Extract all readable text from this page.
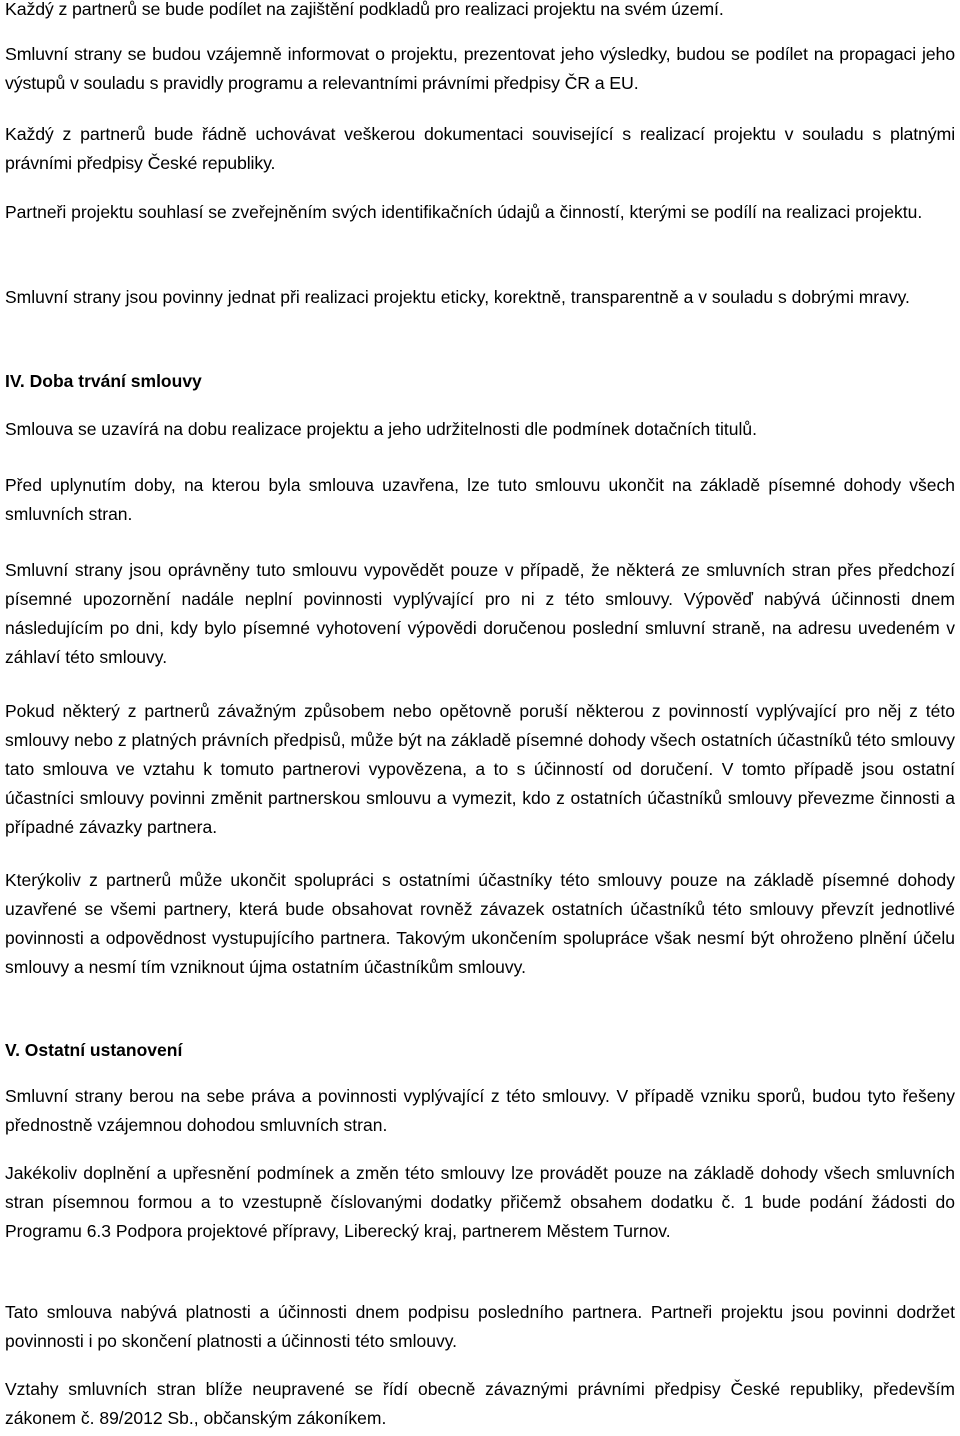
Každý z partnerů se bude podílet na zajištění podkladů pro realizaci projektu na svém území.

Smluvní strany se budou vzájemně informovat o projektu, prezentovat jeho výsledky, budou se podílet na propagaci jeho výstupů v souladu s pravidly programu a relevantními právními předpisy ČR a EU.

Každý z partnerů bude řádně uchovávat veškerou dokumentaci související s realizací projektu v souladu s platnými právními předpisy České republiky.

Partneři projektu souhlasí se zveřejněním svých identifikačních údajů a činností, kterými se podílí na realizaci projektu.

Smluvní strany jsou povinny jednat při realizaci projektu eticky, korektně, transparentně a v souladu s dobrými mravy.

IV. Doba trvání smlouvy

Smlouva se uzavírá na dobu realizace projektu a jeho udržitelnosti dle podmínek dotačních titulů.

Před uplynutím doby, na kterou byla smlouva uzavřena, lze tuto smlouvu ukončit na základě písemné dohody všech smluvních stran.

Smluvní strany jsou oprávněny tuto smlouvu vypovědět pouze v případě, že některá ze smluvních stran přes předchozí písemné upozornění nadále neplní povinnosti vyplývající pro ni z této smlouvy. Výpověď nabývá účinnosti dnem následujícím po dni, kdy bylo písemné vyhotovení výpovědi doručenou poslední smluvní straně, na adresu uvedeném v záhlaví této smlouvy.

Pokud některý z partnerů závažným způsobem nebo opětovně poruší některou z povinností vyplývající pro něj z této smlouvy nebo z platných právních předpisů, může být na základě písemné dohody všech ostatních účastníků této smlouvy tato smlouva ve vztahu k tomuto partnerovi vypovězena, a to s účinností od doručení. V tomto případě jsou ostatní účastníci smlouvy povinni změnit partnerskou smlouvu a vymezit, kdo z ostatních účastníků smlouvy převezme činnosti a případné závazky partnera.

Kterýkoliv z partnerů může ukončit spolupráci s ostatními účastníky této smlouvy pouze na základě písemné dohody uzavřené se všemi partnery, která bude obsahovat rovněž závazek ostatních účastníků této smlouvy převzít jednotlivé povinnosti a odpovědnost vystupujícího partnera. Takovým ukončením spolupráce však nesmí být ohroženo plnění účelu smlouvy a nesmí tím vzniknout újma ostatním účastníkům smlouvy.

V. Ostatní ustanovení

Smluvní strany berou na sebe práva a povinnosti vyplývající z této smlouvy. V případě vzniku sporů, budou tyto řešeny přednostně vzájemnou dohodou smluvních stran.

Jakékoliv doplnění a upřesnění podmínek a změn této smlouvy lze provádět pouze na základě dohody všech smluvních stran písemnou formou a to vzestupně číslovanými dodatky přičemž obsahem dodatku č. 1 bude podání žádosti do Programu 6.3 Podpora projektové přípravy, Liberecký kraj, partnerem Městem Turnov.

Tato smlouva nabývá platnosti a účinnosti dnem podpisu posledního partnera. Partneři projektu jsou povinni dodržet povinnosti i po skončení platnosti a účinnosti této smlouvy.

Vztahy smluvních stran blíže neupravené se řídí obecně závaznými právními předpisy České republiky, především zákonem č. 89/2012 Sb., občanským zákoníkem.
